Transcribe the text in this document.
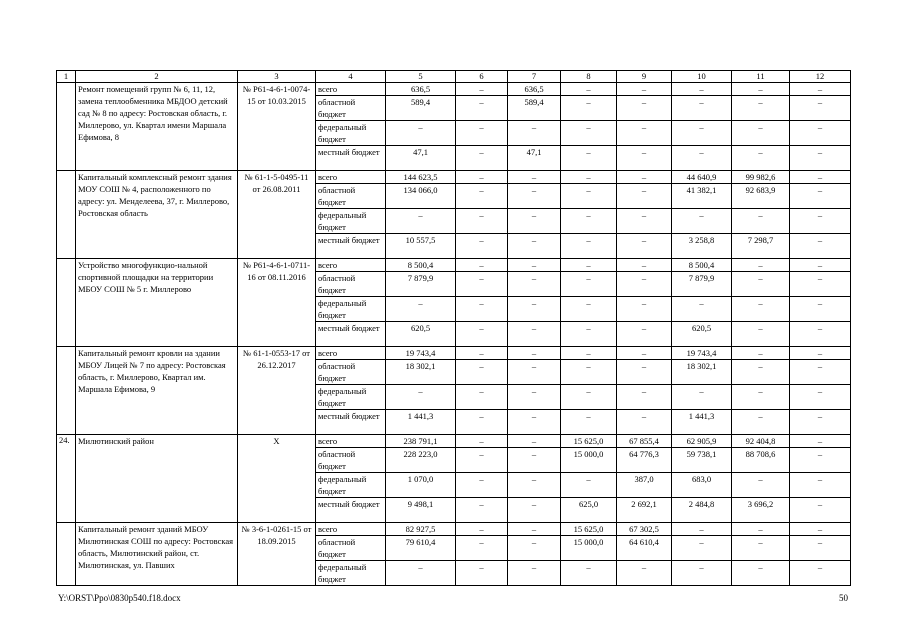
1	2	3	4	5	6	7	8	9	10	11	12
	Ремонт помещений групп № 6, 11, 12, замена теплообменника МБДОО детский сад № 8 по адресу: Ростовская область, г. Миллерово, ул. Квартал имени Маршала Ефимова, 8	№ Р61-4-6-1-0074-15 от 10.03.2015	всего	636,5	–	636,5	–	–	–	–	–
			областной бюджет	589,4	–	589,4	–	–	–	–	–
			федеральный бюджет	–	–	–	–	–	–	–	–
			местный бюджет	47,1	–	47,1	–	–	–	–	–
	Капитальный комплексный ремонт здания МОУ СОШ № 4, расположенного по адресу: ул. Менделеева, 37, г. Миллерово, Ростовская область	№ 61-1-5-0495-11 от 26.08.2011	всего	144 623,5	–	–	–	–	44 640,9	99 982,6	–
			областной бюджет	134 066,0	–	–	–	–	41 382,1	92 683,9	–
			федеральный бюджет	–	–	–	–	–	–	–	–
			местный бюджет	10 557,5	–	–	–	–	3 258,8	7 298,7	–
	Устройство многофункцио-нальной спортивной площадки на территории МБОУ СОШ № 5 г. Миллерово	№ Р61-4-6-1-0711-16 от 08.11.2016	всего	8 500,4	–	–	–	–	8 500,4	–	–
			областной бюджет	7 879,9	–	–	–	–	7 879,9	–	–
			федеральный бюджет	–	–	–	–	–	–	–	–
			местный бюджет	620,5	–	–	–	–	620,5	–	–
	Капитальный ремонт кровли на здании МБОУ Лицей № 7 по адресу: Ростовская область, г. Миллерово, Квартал им. Маршала Ефимова, 9	№ 61-1-0553-17 от 26.12.2017	всего	19 743,4	–	–	–	–	19 743,4	–	–
			областной бюджет	18 302,1	–	–	–	–	18 302,1	–	–
			федеральный бюджет	–	–	–	–	–	–	–	–
			местный бюджет	1 441,3	–	–	–	–	1 441,3	–	–
24.	Милютинский район	Х	всего	238 791,1	–	–	15 625,0	67 855,4	62 905,9	92 404,8	–
			областной бюджет	228 223,0	–	–	15 000,0	64 776,3	59 738,1	88 708,6	–
			федеральный бюджет	1 070,0	–	–	–	387,0	683,0	–	–
			местный бюджет	9 498,1	–	–	625,0	2 692,1	2 484,8	3 696,2	–
	Капитальный ремонт зданий МБОУ Милютинская СОШ по адресу: Ростовская область, Милютинский район, ст. Милютинская, ул. Павших	№ 3-6-1-0261-15 от 18.09.2015	всего	82 927,5	–	–	15 625,0	67 302,5	–	–	–
			областной бюджет	79 610,4	–	–	15 000,0	64 610,4	–	–	–
			федеральный бюджет	–	–	–	–	–	–	–	–
Y:\ORST\Ppo\0830p540.f18.docx	50
